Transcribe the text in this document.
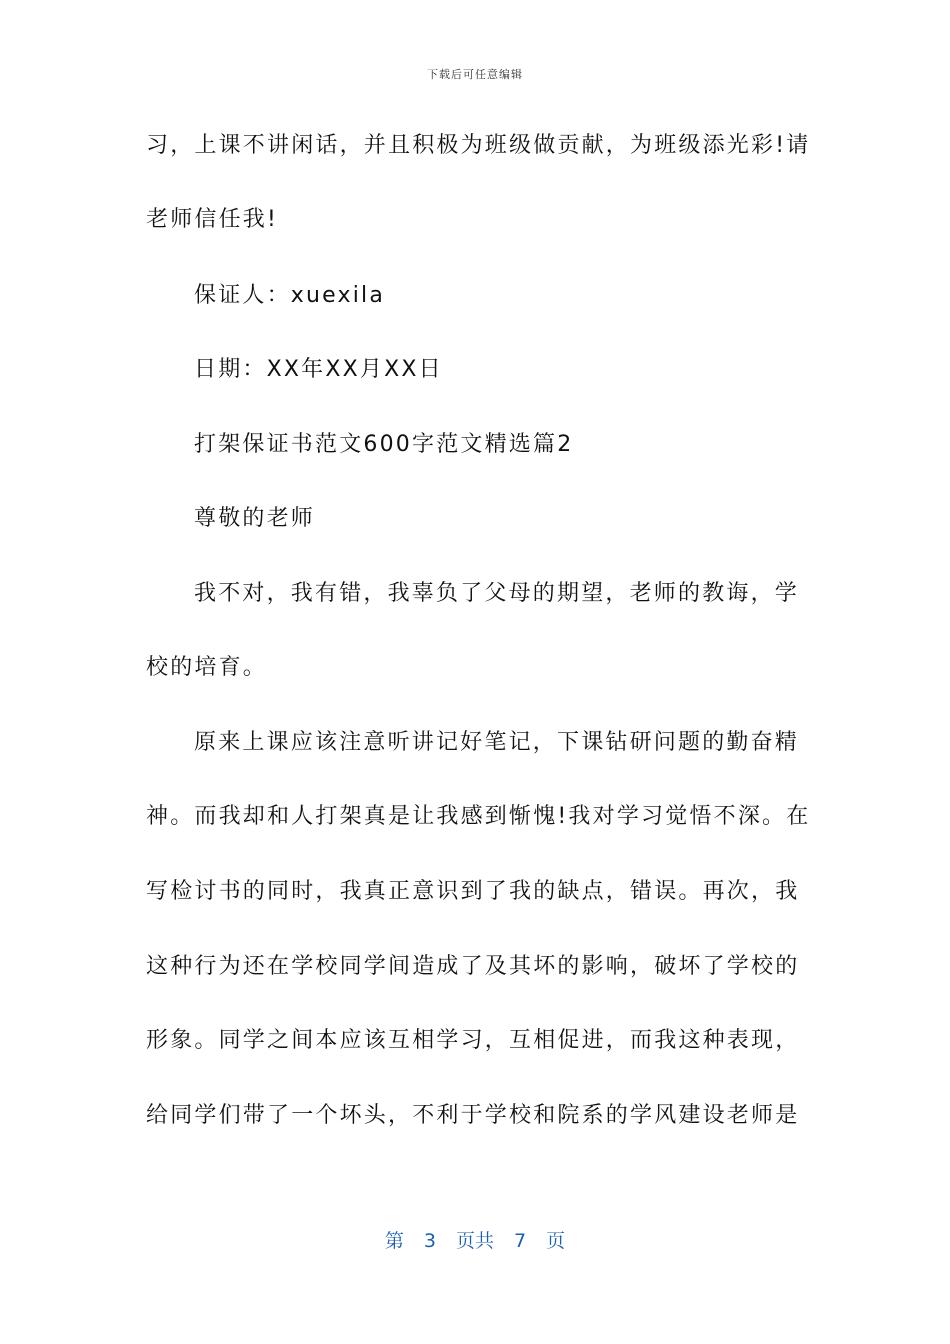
下载后可任意编辑
习，上课不讲闲话，并且积极为班级做贡献，为班级添光彩!请
老师信任我!
保证人：xuexila
日期：XX年XX月XX日
打架保证书范文600字范文精选篇2
尊敬的老师
我不对，我有错，我辜负了父母的期望，老师的教诲，学
校的培育。
原来上课应该注意听讲记好笔记，下课钻研问题的勤奋精
神。而我却和人打架真是让我感到惭愧!我对学习觉悟不深。在
写检讨书的同时，我真正意识到了我的缺点，错误。再次，我
这种行为还在学校同学间造成了及其坏的影响，破坏了学校的
形象。同学之间本应该互相学习，互相促进，而我这种表现，
给同学们带了一个坏头，不利于学校和院系的学风建设老师是
第 3 页共 7 页
